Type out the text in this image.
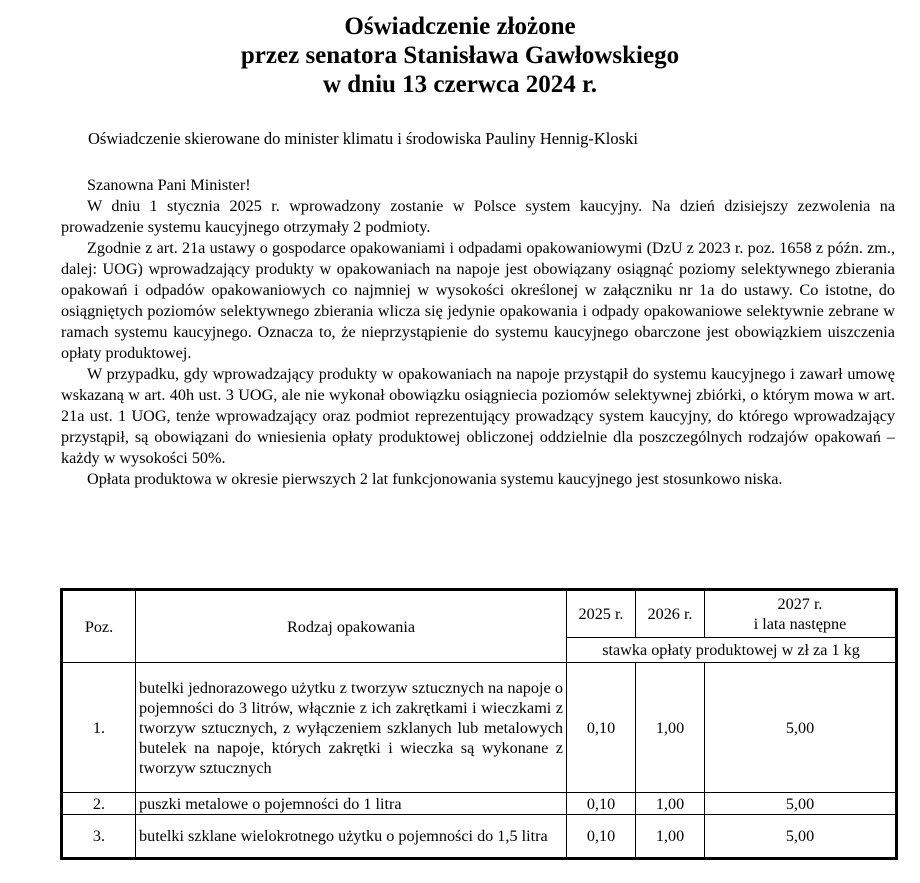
Oświadczenie złożone
przez senatora Stanisława Gawłowskiego
w dniu 13 czerwca 2024 r.
Oświadczenie skierowane do minister klimatu i środowiska Pauliny Hennig-Kloski

Szanowna Pani Minister!

W dniu 1 stycznia 2025 r. wprowadzony zostanie w Polsce system kaucyjny. Na dzień dzisiejszy zezwolenia na prowadzenie systemu kaucyjnego otrzymały 2 podmioty.

Zgodnie z art. 21a ustawy o gospodarce opakowaniami i odpadami opakowaniowymi (DzU z 2023 r. poz. 1658 z późn. zm., dalej: UOG) wprowadzający produkty w opakowaniach na napoje jest obowiązany osiągnąć poziomy selektywnego zbierania opakowań i odpadów opakowaniowych co najmniej w wysokości określonej w załączniku nr 1a do ustawy. Co istotne, do osiągniętych poziomów selektywnego zbierania wlicza się jedynie opakowania i odpady opakowaniowe selektywnie zebrane w ramach systemu kaucyjnego. Oznacza to, że nieprzystąpienie do systemu kaucyjnego obarczone jest obowiązkiem uiszczenia opłaty produktowej.

W przypadku, gdy wprowadzający produkty w opakowaniach na napoje przystąpił do systemu kaucyjnego i zawarł umowę wskazaną w art. 40h ust. 3 UOG, ale nie wykonał obowiązku osiągniecia poziomów selektywnej zbiórki, o którym mowa w art. 21a ust. 1 UOG, tenże wprowadzający oraz podmiot reprezentujący prowadzący system kaucyjny, do którego wprowadzający przystąpił, są obowiązani do wniesienia opłaty produktowej obliczonej oddzielnie dla poszczególnych rodzajów opakowań – każdy w wysokości 50%.

Opłata produktowa w okresie pierwszych 2 lat funkcjonowania systemu kaucyjnego jest stosunkowo niska.

Poz.	Rodzaj opakowania	2025 r.	2026 r.	2027 r.
i lata następne

		stawka opłaty produktowej w zł za 1 kg		
1.	butelki jednorazowego użytku z tworzyw sztucznych na napoje o pojemności do 3 litrów, włącznie z ich zakrętkami i wieczkami z tworzyw sztucznych, z wyłączeniem szklanych lub metalowych butelek na napoje, których zakrętki i wieczka są wykonane z tworzyw sztucznych	0,10	1,00	5,00
2.	puszki metalowe o pojemności do 1 litra	0,10	1,00	5,00
3.	butelki szklane wielokrotnego użytku o pojemności do 1,5 litra	0,10	1,00	5,00
